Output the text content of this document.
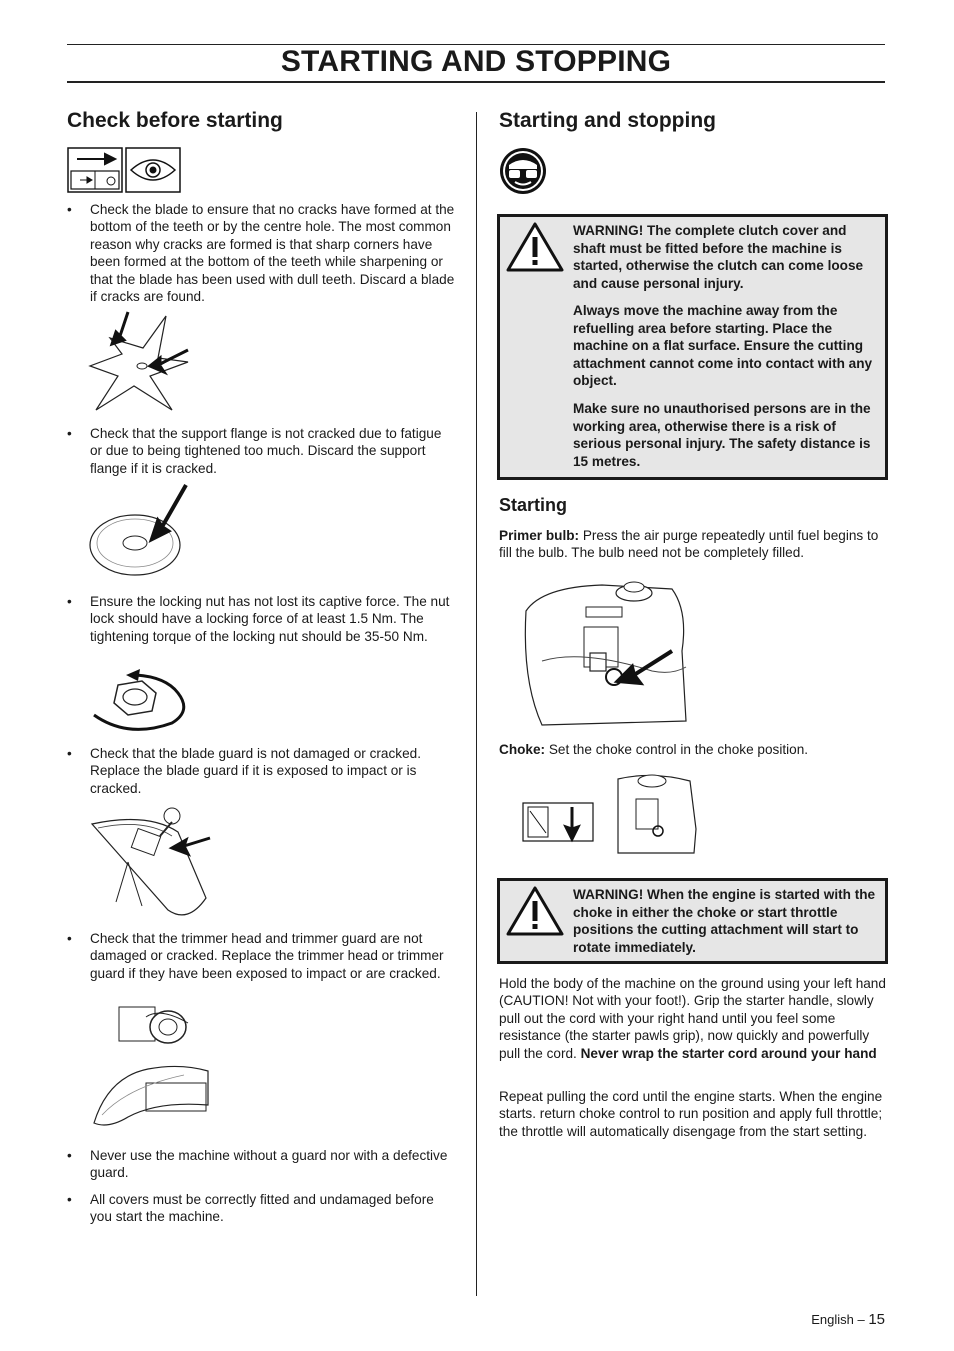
STARTING AND STOPPING
Check before starting
• Check the blade to ensure that no cracks have formed at the bottom of the teeth or by the centre hole. The most common reason why cracks are formed is that sharp corners have been formed at the bottom of the teeth while sharpening or that the blade has been used with dull teeth. Discard a blade if cracks are found.
• Check that the support flange is not cracked due to fatigue or due to being tightened too much. Discard the support flange if it is cracked.
• Ensure the locking nut has not lost its captive force. The nut lock should have a locking force of at least 1.5 Nm. The tightening torque of the locking nut should be 35-50 Nm.
• Check that the blade guard is not damaged or cracked. Replace the blade guard if it is exposed to impact or is cracked.
• Check that the trimmer head and trimmer guard are not damaged or cracked. Replace the trimmer head or trimmer guard if they have been exposed to impact or are cracked.
• Never use the machine without a guard nor with a defective guard.
• All covers must be correctly fitted and undamaged before you start the machine.
Starting and stopping
WARNING! The complete clutch cover and shaft must be fitted before the machine is started, otherwise the clutch can come loose and cause personal injury.
Always move the machine away from the refuelling area before starting. Place the machine on a flat surface. Ensure the cutting attachment cannot come into contact with any object.
Make sure no unauthorised persons are in the working area, otherwise there is a risk of serious personal injury. The safety distance is 15 metres.
Starting
Primer bulb: Press the air purge repeatedly until fuel begins to fill the bulb. The bulb need not be completely filled.
Choke: Set the choke control in the choke position.
WARNING! When the engine is started with the choke in either the choke or start throttle positions the cutting attachment will start to rotate immediately.
Hold the body of the machine on the ground using your left hand (CAUTION! Not with your foot!). Grip the starter handle, slowly pull out the cord with your right hand until you feel some resistance (the starter pawls grip), now quickly and powerfully pull the cord. Never wrap the starter cord around your hand
Repeat pulling the cord until the engine starts. When the engine starts. return choke control to run position and apply full throttle; the throttle will automatically disengage from the start setting.
English – 15
